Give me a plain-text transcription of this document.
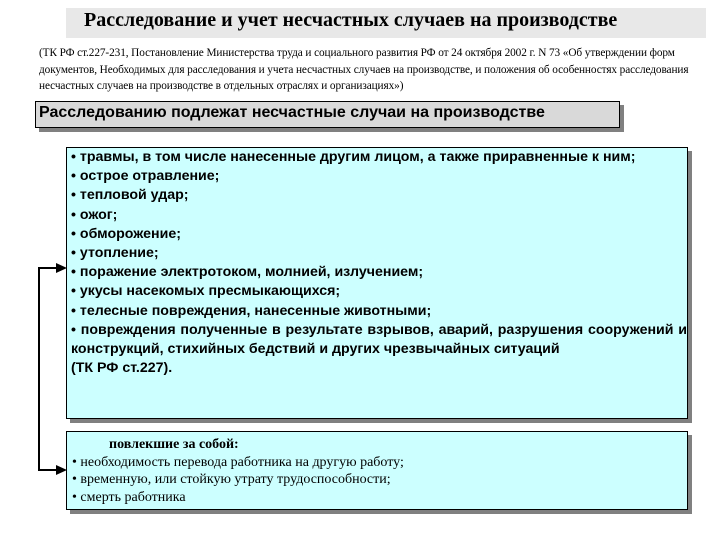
Расследование и учет несчастных случаев на производстве
(ТК РФ ст.227-231, Постановление Министерства труда и социального развития РФ от 24 октября 2002 г. N 73 «Об утверждении форм документов, Необходимых для расследования и учета несчастных случаев на производстве, и положения об особенностях расследования несчастных случаев на производстве в отдельных отраслях и организациях»)
Расследованию подлежат несчастные случаи на производстве
• травмы, в том числе нанесенные другим лицом, а также приравненные к ним;
• острое отравление;
• тепловой удар;
• ожог;
• обморожение;
• утопление;
• поражение электротоком, молнией, излучением;
• укусы насекомых пресмыкающихся;
• телесные повреждения, нанесенные животными;
• повреждения полученные в результате взрывов, аварий, разрушения сооружений и конструкций, стихийных бедствий и других чрезвычайных ситуаций
(ТК РФ ст.227).
повлекшие за собой:
• необходимость перевода работника на другую работу;
• временную, или стойкую утрату трудоспособности;
• смерть работника
